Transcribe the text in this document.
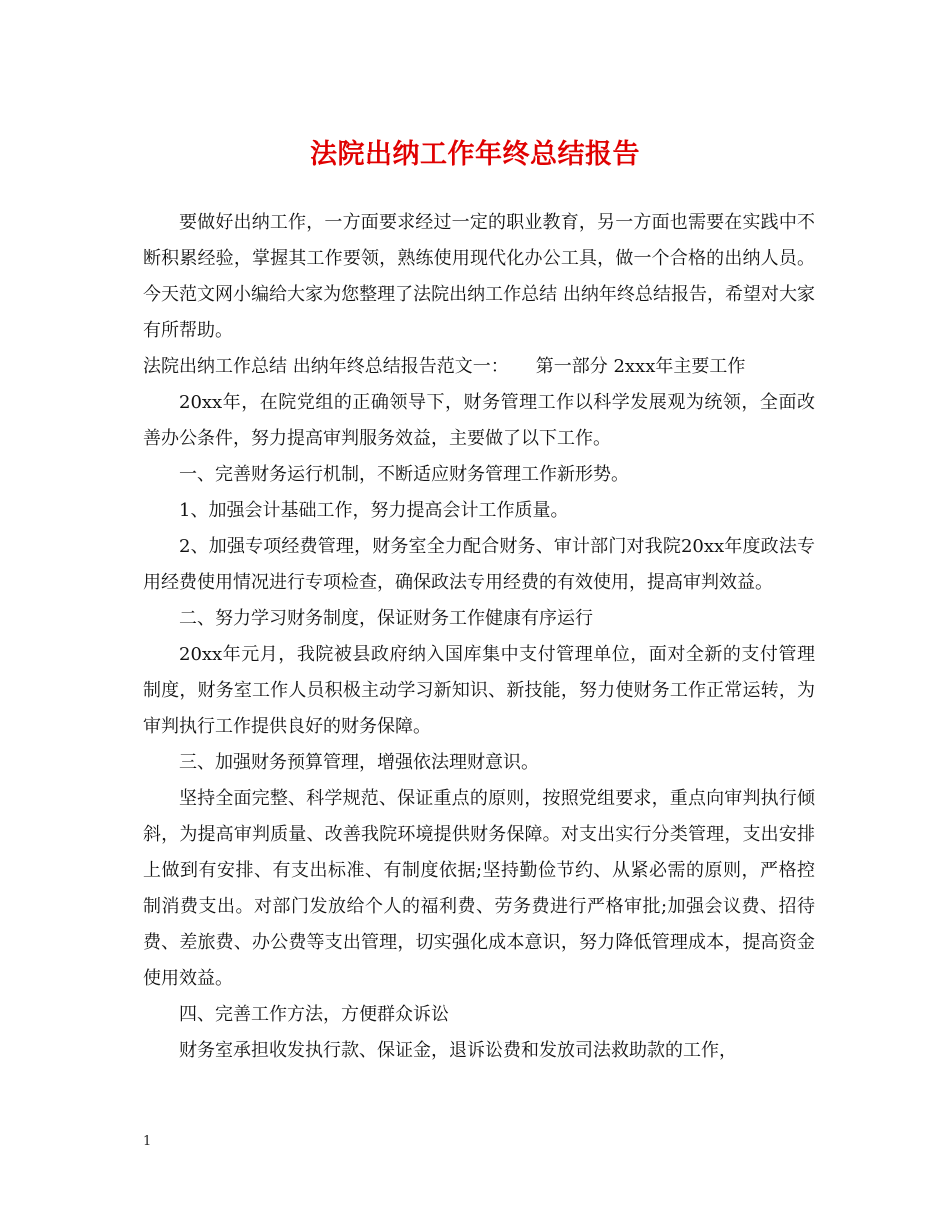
法院出纳工作年终总结报告

要做好出纳工作，一方面要求经过一定的职业教育，另一方面也需要在实践中不断积累经验，掌握其工作要领，熟练使用现代化办公工具，做一个合格的出纳人员。今天范文网小编给大家为您整理了法院出纳工作总结 出纳年终总结报告，希望对大家有所帮助。

法院出纳工作总结 出纳年终总结报告范文一：　　第一部分 2xxx年主要工作

20xx年，在院党组的正确领导下，财务管理工作以科学发展观为统领，全面改善办公条件，努力提高审判服务效益，主要做了以下工作。

一、完善财务运行机制，不断适应财务管理工作新形势。

1、加强会计基础工作，努力提高会计工作质量。

2、加强专项经费管理，财务室全力配合财务、审计部门对我院20xx年度政法专用经费使用情况进行专项检查，确保政法专用经费的有效使用，提高审判效益。

二、努力学习财务制度，保证财务工作健康有序运行

20xx年元月，我院被县政府纳入国库集中支付管理单位，面对全新的支付管理制度，财务室工作人员积极主动学习新知识、新技能，努力使财务工作正常运转，为审判执行工作提供良好的财务保障。

三、加强财务预算管理，增强依法理财意识。

坚持全面完整、科学规范、保证重点的原则，按照党组要求，重点向审判执行倾斜，为提高审判质量、改善我院环境提供财务保障。对支出实行分类管理，支出安排上做到有安排、有支出标准、有制度依据;坚持勤俭节约、从紧必需的原则，严格控制消费支出。对部门发放给个人的福利费、劳务费进行严格审批;加强会议费、招待费、差旅费、办公费等支出管理，切实强化成本意识，努力降低管理成本，提高资金使用效益。

四、完善工作方法，方便群众诉讼

财务室承担收发执行款、保证金，退诉讼费和发放司法救助款的工作，

1
